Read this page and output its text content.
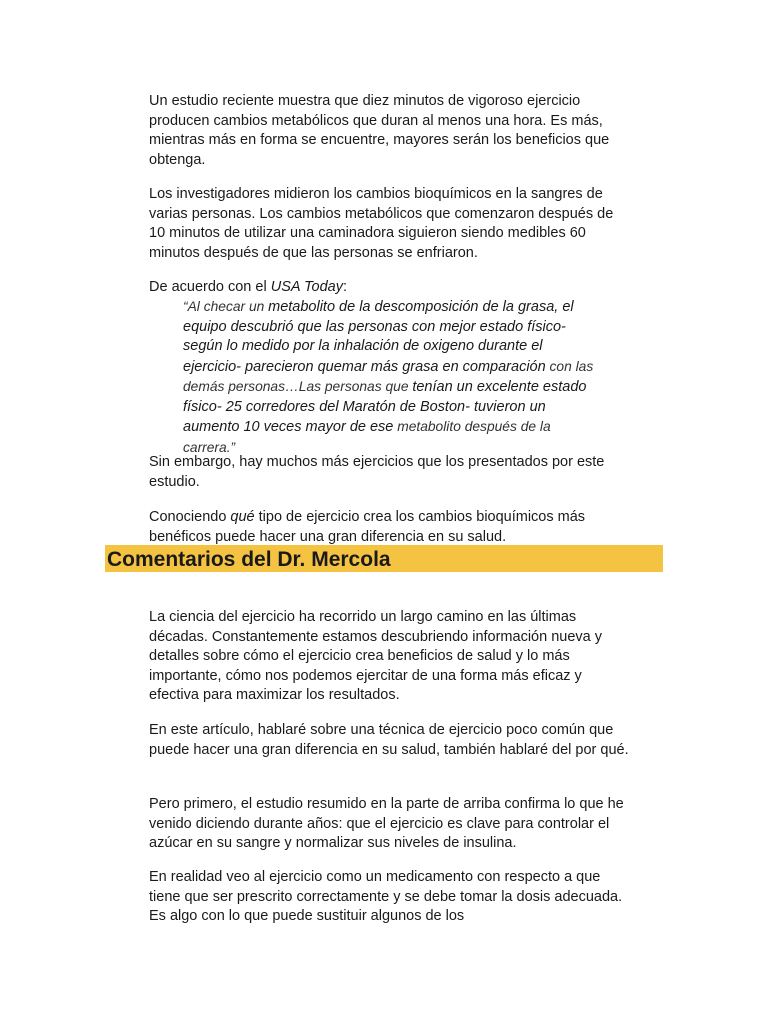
Un estudio reciente muestra que diez minutos de vigoroso ejercicio producen cambios metabólicos que duran al menos una hora. Es más, mientras más en forma se encuentre, mayores serán los beneficios que obtenga.

Los investigadores midieron los cambios bioquímicos en la sangres de varias personas. Los cambios metabólicos que comenzaron después de 10 minutos de utilizar una caminadora siguieron siendo medibles 60 minutos después de que las personas se enfriaron.

De acuerdo con el USA Today:

“Al checar un metabolito de la descomposición de la grasa, el equipo descubrió que las personas con mejor estado físico- según lo medido por la inhalación de oxigeno durante el ejercicio- parecieron quemar más grasa en comparación con las demás personas…Las personas que tenían un excelente estado físico- 25 corredores del Maratón de Boston- tuvieron un aumento 10 veces mayor de ese metabolito después de la carrera.”

Sin embargo, hay muchos más ejercicios que los presentados por este estudio.

Conociendo qué tipo de ejercicio crea los cambios bioquímicos más benéficos puede hacer una gran diferencia en su salud.

Comentarios del Dr. Mercola

La ciencia del ejercicio ha recorrido un largo camino en las últimas décadas. Constantemente estamos descubriendo información nueva y detalles sobre cómo el ejercicio crea beneficios de salud y lo más importante, cómo nos podemos ejercitar de una forma más eficaz y efectiva para maximizar los resultados.

En este artículo, hablaré sobre una técnica de ejercicio poco común que puede hacer una gran diferencia en su salud, también hablaré del por qué.

Pero primero, el estudio resumido en la parte de arriba confirma lo que he venido diciendo durante años: que el ejercicio es clave para controlar el azúcar en su sangre y normalizar sus niveles de insulina.

En realidad veo al ejercicio como un medicamento con respecto a que tiene que ser prescrito correctamente y se debe tomar la dosis adecuada. Es algo con lo que puede sustituir algunos de los
